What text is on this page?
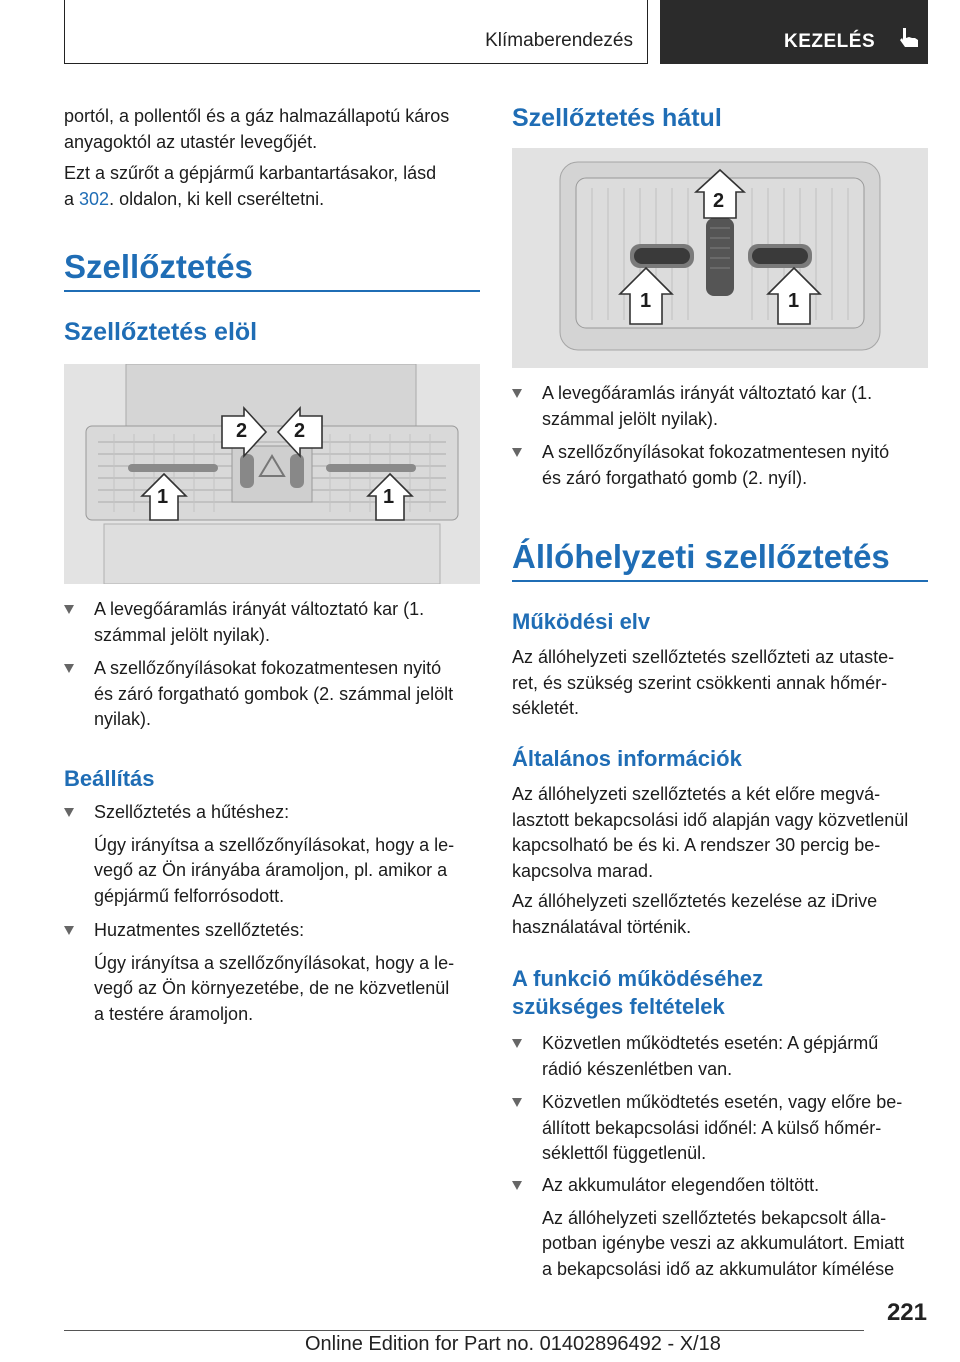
Klímaberendezés	KEZELÉS

portól, a pollentől és a gáz halmazállapotú káros

anyagoktól az utastér levegőjét.

Ezt a szűrőt a gépjármű karbantartásakor, lásd

a 302. oldalon, ki kell cseréltetni.

Szellőztetés
Szellőztetés elöl
2 2
1	1

A levegőáramlás irányát változtató kar (1.

számmal jelölt nyilak).

A szellőzőnyílásokat fokozatmentesen nyitó

és záró forgatható gombok (2. számmal jelölt

nyilak).

Beállítás

Szellőztetés a hűtéshez:

Úgy irányítsa a szellőzőnyílásokat, hogy a le-

vegő az Ön irányába áramoljon, pl. amikor a

gépjármű felforrósodott.

Huzatmentes szellőztetés:

Úgy irányítsa a szellőzőnyílásokat, hogy a le-

vegő az Ön környezetébe, de ne közvetlenül

a testére áramoljon.

Szellőztetés hátul
2
1	1

A levegőáramlás irányát változtató kar (1.

számmal jelölt nyilak).

A szellőzőnyílásokat fokozatmentesen nyitó

és záró forgatható gomb (2. nyíl).

Állóhelyzeti szellőztetés
Működési elv

Az állóhelyzeti szellőztetés szellőzteti az utaste-

ret, és szükség szerint csökkenti annak hőmér-

sékletét.

Általános információk

Az állóhelyzeti szellőztetés a két előre megvá-

lasztott bekapcsolási idő alapján vagy közvetlenül

kapcsolható be és ki. A rendszer 30 percig be-

kapcsolva marad.

Az állóhelyzeti szellőztetés kezelése az iDrive

használatával történik.

A funkció működéséhez
szükséges feltételek

Közvetlen működtetés esetén: A gépjármű

rádió készenlétben van.

Közvetlen működtetés esetén, vagy előre be-

állított bekapcsolási időnél: A külső hőmér-

séklettől függetlenül.

Az akkumulátor elegendően töltött.

Az állóhelyzeti szellőztetés bekapcsolt álla-

potban igénybe veszi az akkumulátort. Emiatt

a bekapcsolási idő az akkumulátor kímélése

221
Online Edition for Part no. 01402896492 - X/18
